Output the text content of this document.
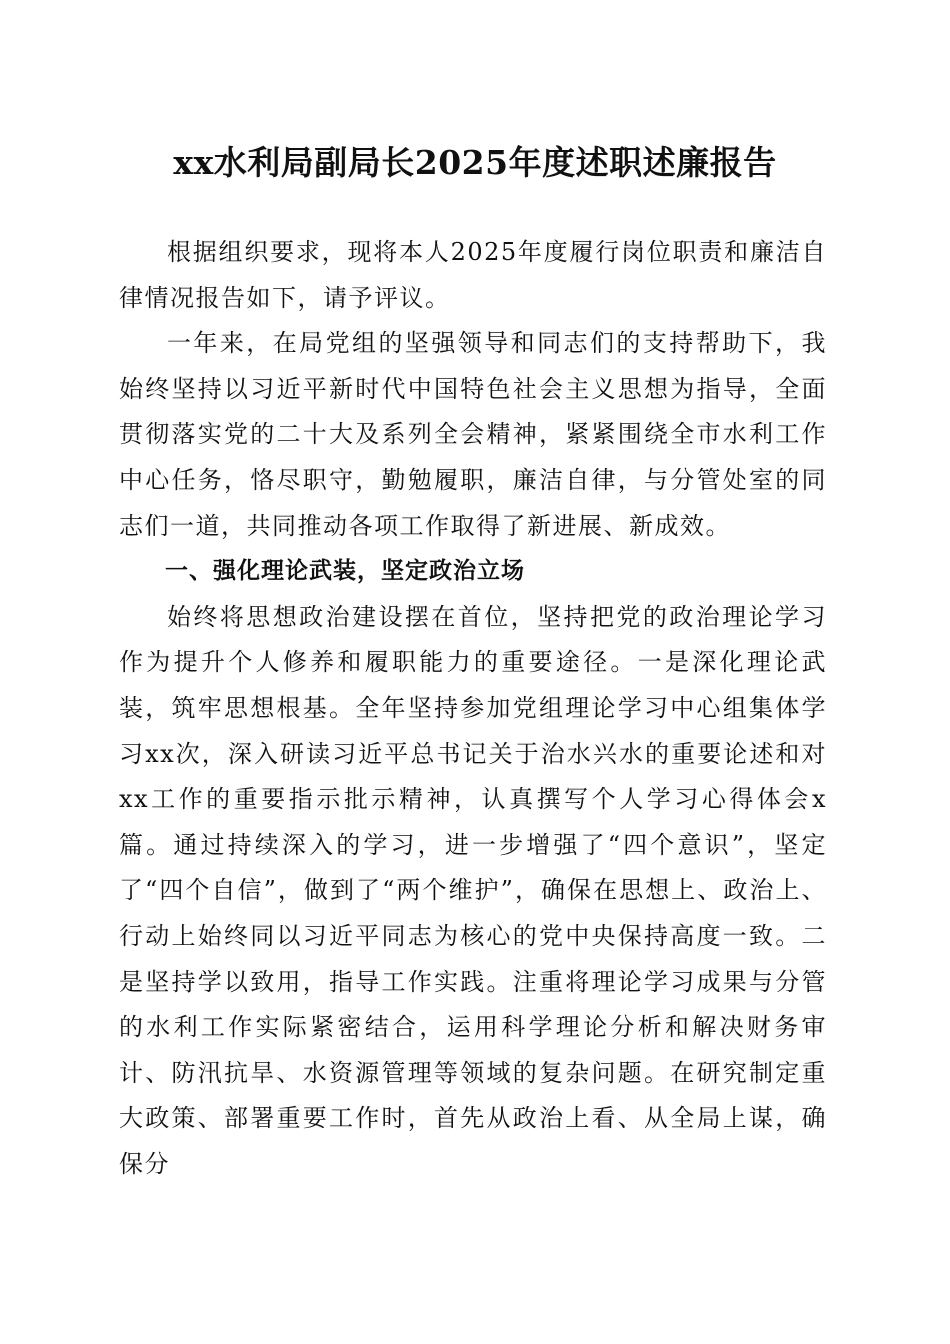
xx水利局副局长2025年度述职述廉报告

根据组织要求，现将本人2025年度履行岗位职责和廉洁自律情况报告如下，请予评议。

一年来，在局党组的坚强领导和同志们的支持帮助下，我始终坚持以习近平新时代中国特色社会主义思想为指导，全面贯彻落实党的二十大及系列全会精神，紧紧围绕全市水利工作中心任务，恪尽职守，勤勉履职，廉洁自律，与分管处室的同志们一道，共同推动各项工作取得了新进展、新成效。

一、强化理论武装，坚定政治立场

始终将思想政治建设摆在首位，坚持把党的政治理论学习作为提升个人修养和履职能力的重要途径。一是深化理论武装，筑牢思想根基。全年坚持参加党组理论学习中心组集体学习xx次，深入研读习近平总书记关于治水兴水的重要论述和对xx工作的重要指示批示精神，认真撰写个人学习心得体会x篇。通过持续深入的学习，进一步增强了“四个意识”，坚定了“四个自信”，做到了“两个维护”，确保在思想上、政治上、行动上始终同以习近平同志为核心的党中央保持高度一致。二是坚持学以致用，指导工作实践。注重将理论学习成果与分管的水利工作实际紧密结合，运用科学理论分析和解决财务审计、防汛抗旱、水资源管理等领域的复杂问题。在研究制定重大政策、部署重要工作时，首先从政治上看、从全局上谋，确保分
